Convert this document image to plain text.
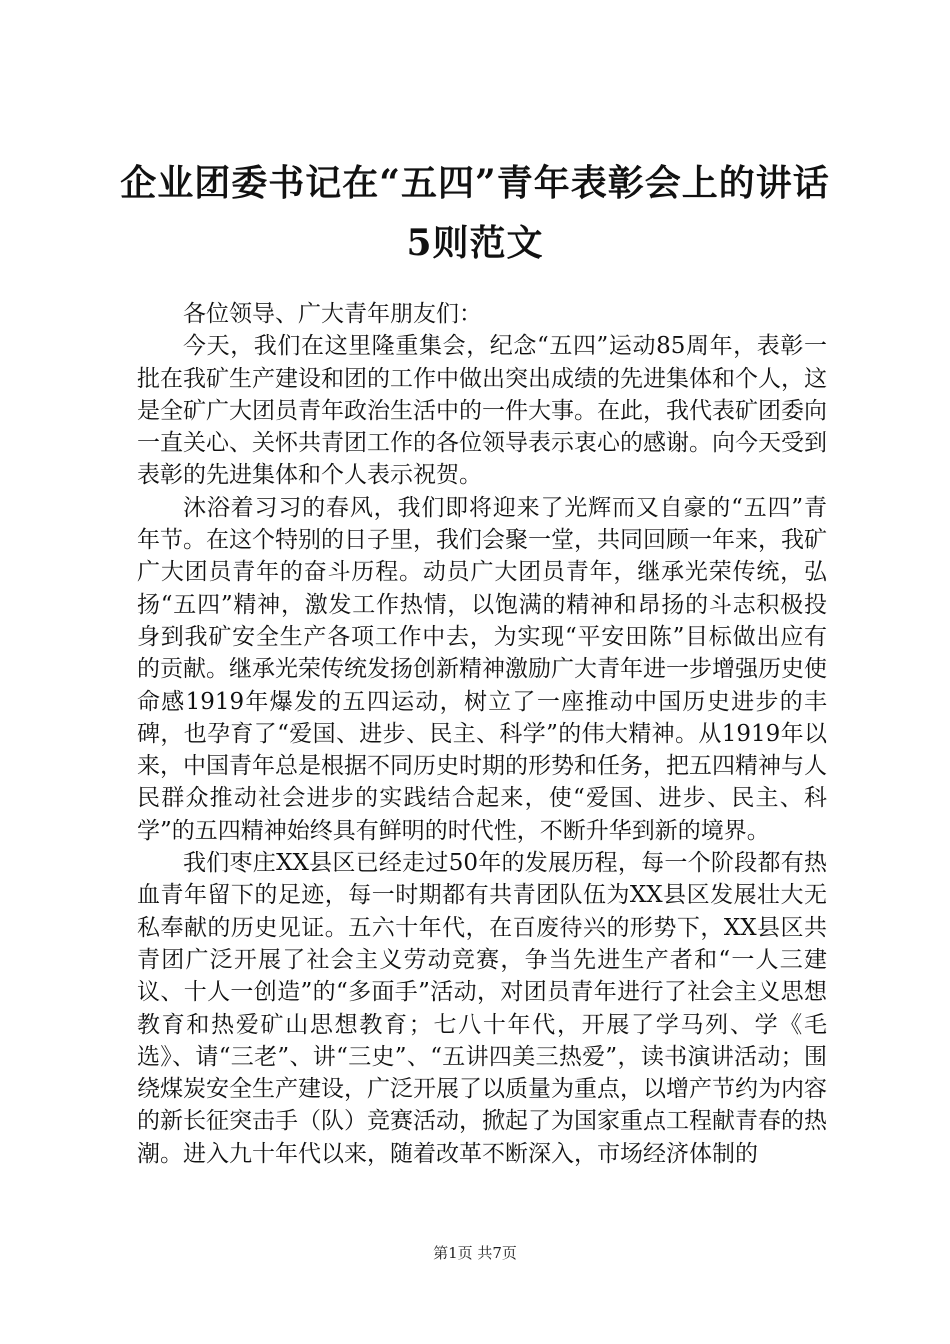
企业团委书记在“五四”青年表彰会上的讲话
5则范文

各位领导、广大青年朋友们：

今天，我们在这里隆重集会，纪念“五四”运动85周年，表彰一批在我矿生产建设和团的工作中做出突出成绩的先进集体和个人，这是全矿广大团员青年政治生活中的一件大事。在此，我代表矿团委向一直关心、关怀共青团工作的各位领导表示衷心的感谢。向今天受到表彰的先进集体和个人表示祝贺。

沐浴着习习的春风，我们即将迎来了光辉而又自豪的“五四”青年节。在这个特别的日子里，我们会聚一堂，共同回顾一年来，我矿广大团员青年的奋斗历程。动员广大团员青年，继承光荣传统，弘扬“五四”精神，激发工作热情，以饱满的精神和昂扬的斗志积极投身到我矿安全生产各项工作中去，为实现“平安田陈”目标做出应有的贡献。继承光荣传统发扬创新精神激励广大青年进一步增强历史使命感1919年爆发的五四运动，树立了一座推动中国历史进步的丰碑，也孕育了“爱国、进步、民主、科学”的伟大精神。从1919年以来，中国青年总是根据不同历史时期的形势和任务，把五四精神与人民群众推动社会进步的实践结合起来，使“爱国、进步、民主、科学”的五四精神始终具有鲜明的时代性，不断升华到新的境界。

我们枣庄XX县区已经走过50年的发展历程，每一个阶段都有热血青年留下的足迹，每一时期都有共青团队伍为XX县区发展壮大无私奉献的历史见证。五六十年代，在百废待兴的形势下，XX县区共青团广泛开展了社会主义劳动竞赛，争当先进生产者和“一人三建议、十人一创造”的“多面手”活动，对团员青年进行了社会主义思想教育和热爱矿山思想教育；七八十年代，开展了学马列、学《毛选》、请“三老”、讲“三史”、“五讲四美三热爱”，读书演讲活动；围绕煤炭安全生产建设，广泛开展了以质量为重点，以增产节约为内容的新长征突击手（队）竞赛活动，掀起了为国家重点工程献青春的热潮。进入九十年代以来，随着改革不断深入，市场经济体制的

第1页 共7页
